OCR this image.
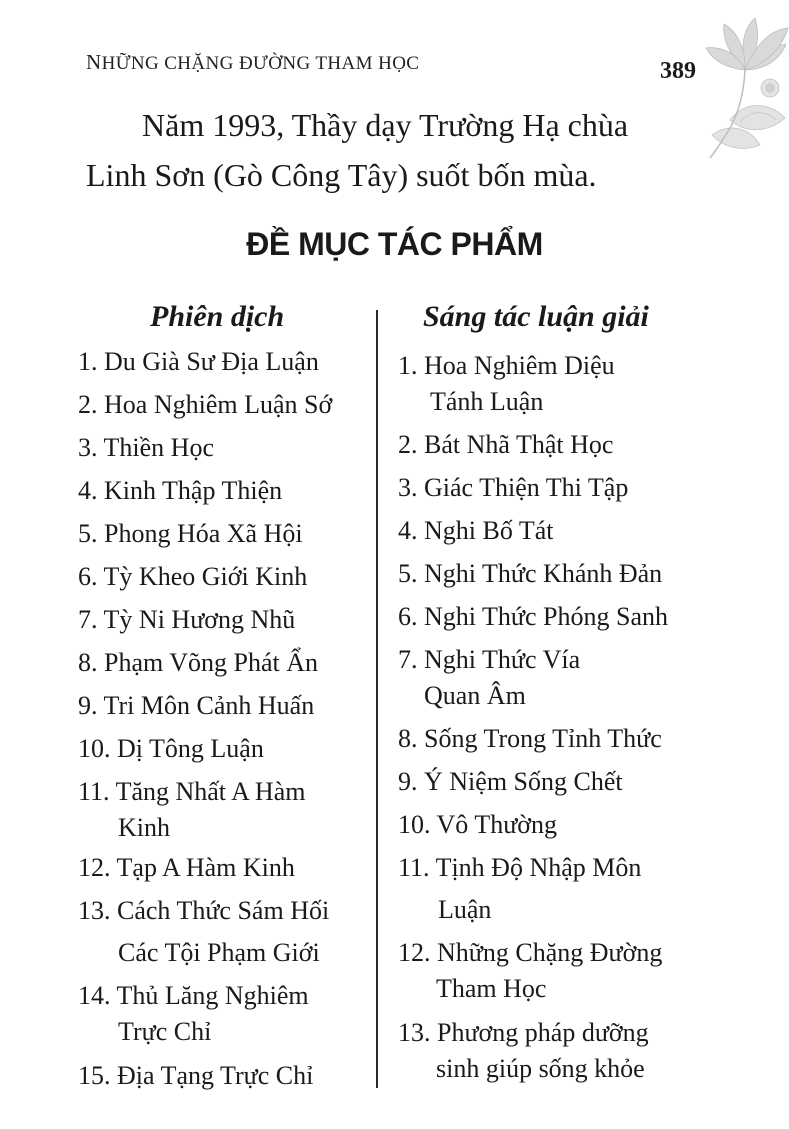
NHỮNG CHẶNG ĐƯỜNG THAM HỌC	389
Năm 1993, Thầy dạy Trường Hạ chùa
Linh Sơn (Gò Công Tây) suốt bốn mùa.
ĐỀ MỤC TÁC PHẨM
Phiên dịch	Sáng tác luận giải
1. Du Già Sư Địa Luận
2. Hoa Nghiêm Luận Sớ
3. Thiền Học
4. Kinh Thập Thiện
5. Phong Hóa Xã Hội
6. Tỳ Kheo Giới Kinh
7. Tỳ Ni Hương Nhũ
8. Phạm Võng Phát Ẩn
9. Tri Môn Cảnh Huấn
10. Dị Tông Luận
11. Tăng Nhất A Hàm
Kinh
12. Tạp A Hàm Kinh
13. Cách Thức Sám Hối
Các Tội Phạm Giới
14. Thủ Lăng Nghiêm
Trực Chỉ
15. Địa Tạng Trực Chỉ
1. Hoa Nghiêm Diệu
Tánh Luận
2. Bát Nhã Thật Học
3. Giác Thiện Thi Tập
4. Nghi Bố Tát
5. Nghi Thức Khánh Đản
6. Nghi Thức Phóng Sanh
7. Nghi Thức Vía
Quan Âm
8. Sống Trong Tỉnh Thức
9. Ý Niệm Sống Chết
10. Vô Thường
11. Tịnh Độ Nhập Môn
Luận
12. Những Chặng Đường
Tham Học
13. Phương pháp dưỡng
sinh giúp sống khỏe
